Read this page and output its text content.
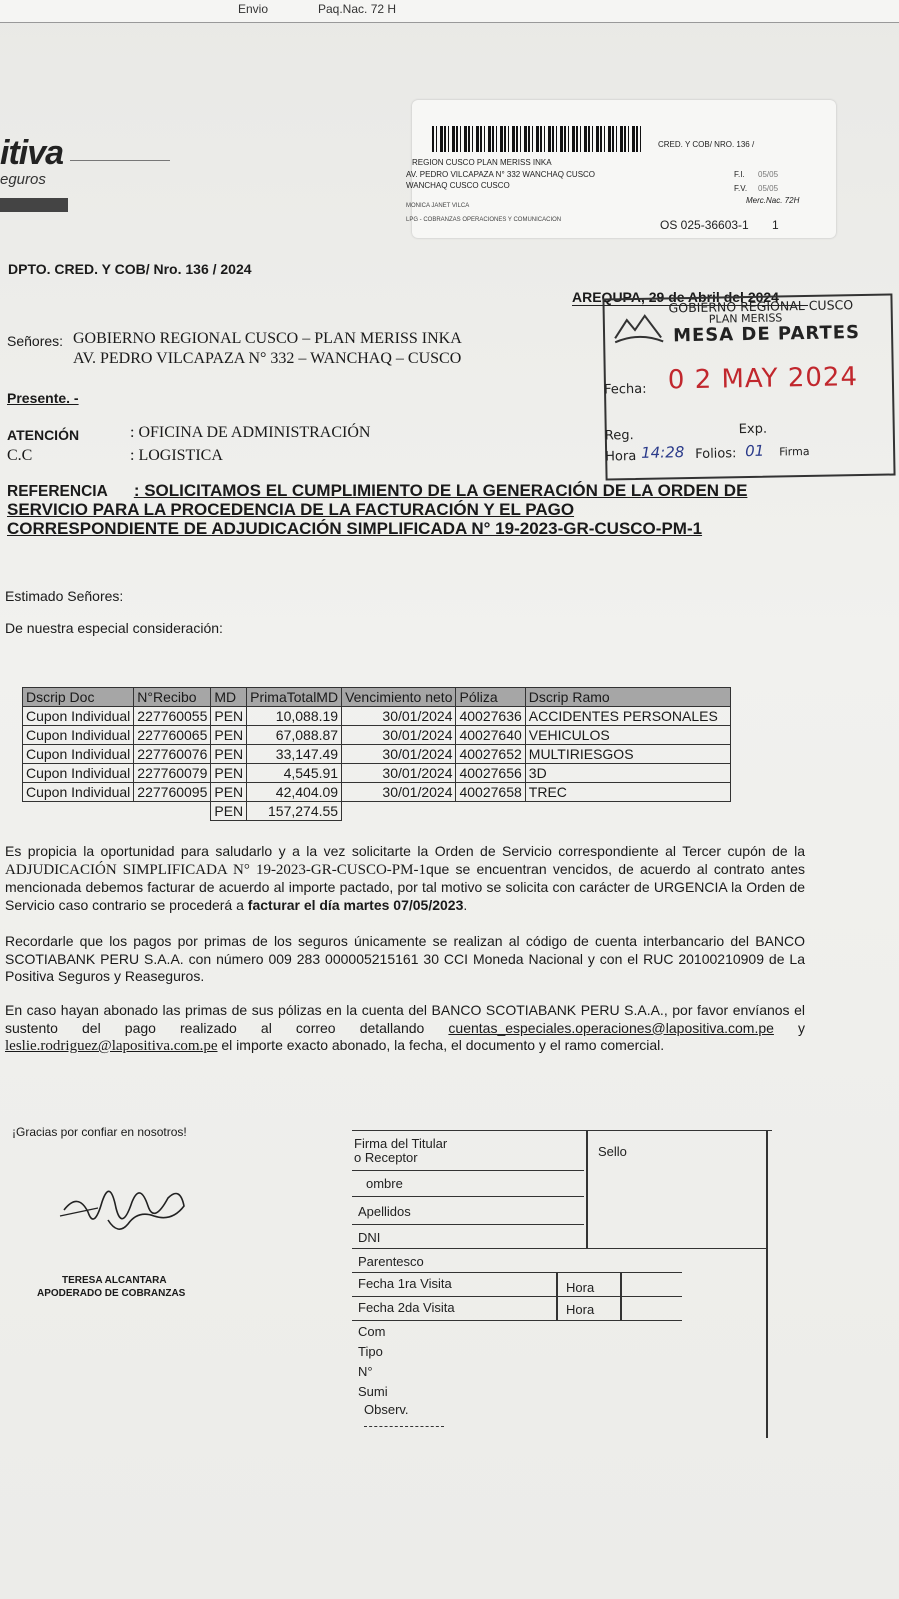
Envio	Paq.Nac. 72 H
itiva
eguros
CRED. Y COB/ NRO. 136 /
REGION CUSCO PLAN MERISS INKA
AV. PEDRO VILCAPAZA N° 332 WANCHAQ CUSCO
WANCHAQ CUSCO CUSCO
MONICA JANET VILCA
LPG - COBRANZAS OPERACIONES Y COMUNICACION
F.I. 05/05
F.V. 05/05
Merc.Nac. 72H
OS 025-36603-1 1
DPTO. CRED. Y COB/ Nro. 136 / 2024
AREQUPA, 29 de Abril del 2024
Señores: GOBIERNO REGIONAL CUSCO – PLAN MERISS INKA
AV. PEDRO VILCAPAZA N° 332 – WANCHAQ – CUSCO
Presente. -
ATENCIÓN	: OFICINA DE ADMINISTRACIÓN
C.C	: LOGISTICA
GOBIERNO REGIONAL CUSCO
PLAN MERISS
MESA DE PARTES
Fecha: 0 2 MAY 2024
Reg.	Exp.
Hora 14:28 Folios: 01 Firma
REFERENCIA : SOLICITAMOS EL CUMPLIMIENTO DE LA GENERACIÓN DE LA ORDEN DE
SERVICIO PARA LA PROCEDENCIA DE LA FACTURACIÓN Y EL PAGO
CORRESPONDIENTE DE ADJUDICACIÓN SIMPLIFICADA N° 19-2023-GR-CUSCO-PM-1
Estimado Señores:
De nuestra especial consideración:
Dscrip Doc	N°Recibo	MD	PrimaTotalMD	Vencimiento neto	Póliza	Dscrip Ramo
Cupon Individual	227760055	PEN	10,088.19	30/01/2024	40027636	ACCIDENTES PERSONALES
Cupon Individual	227760065	PEN	67,088.87	30/01/2024	40027640	VEHICULOS
Cupon Individual	227760076	PEN	33,147.49	30/01/2024	40027652	MULTIRIESGOS
Cupon Individual	227760079	PEN	4,545.91	30/01/2024	40027656	3D
Cupon Individual	227760095	PEN	42,404.09	30/01/2024	40027658	TREC
		PEN	157,274.55			
Es propicia la oportunidad para saludarlo y a la vez solicitarte la Orden de Servicio correspondiente al Tercer cupón de la ADJUDICACIÓN SIMPLIFICADA N° 19-2023-GR-CUSCO-PM-1que se encuentran vencidos, de acuerdo al contrato antes mencionada debemos facturar de acuerdo al importe pactado, por tal motivo se solicita con carácter de URGENCIA la Orden de Servicio caso contrario se procederá a facturar el día martes 07/05/2023.
Recordarle que los pagos por primas de los seguros únicamente se realizan al código de cuenta interbancario del BANCO SCOTIABANK PERU S.A.A. con número 009 283 000005215161 30 CCI Moneda Nacional y con el RUC 20100210909 de La Positiva Seguros y Reaseguros.
En caso hayan abonado las primas de sus pólizas en la cuenta del BANCO SCOTIABANK PERU S.A.A., por favor envíanos el sustento del pago realizado al correo detallando cuentas_especiales.operaciones@lapositiva.com.pe y leslie.rodriguez@lapositiva.com.pe el importe exacto abonado, la fecha, el documento y el ramo comercial.
¡Gracias por confiar en nosotros!
TERESA ALCANTARA
APODERADO DE COBRANZAS
Firma del Titular
o Receptor	Sello
ombre
Apellidos
DNI
Parentesco
Fecha 1ra Visita	Hora
Fecha 2da Visita	Hora
Com
Tipo
N°
Sumi
Observ.
